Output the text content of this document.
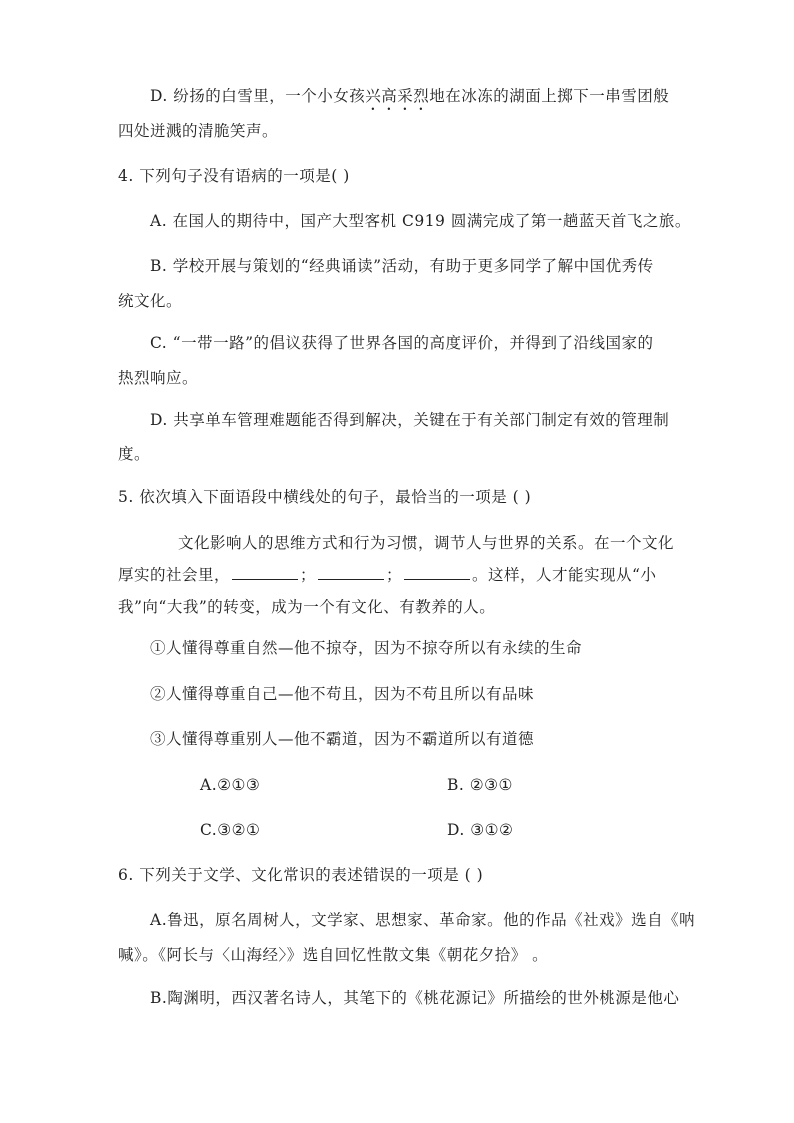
D. 纷扬的白雪里，一个小女孩兴高采烈地在冰冻的湖面上掷下一串雪团般
四处迸溅的清脆笑声。
4. 下列句子没有语病的一项是( )
A. 在国人的期待中，国产大型客机 C919 圆满完成了第一趟蓝天首飞之旅。
B. 学校开展与策划的“经典诵读”活动，有助于更多同学了解中国优秀传
统文化。
C. “一带一路”的倡议获得了世界各国的高度评价，并得到了沿线国家的
热烈响应。
D. 共享单车管理难题能否得到解决，关键在于有关部门制定有效的管理制
度。
5. 依次填入下面语段中横线处的句子，最恰当的一项是 ( )
文化影响人的思维方式和行为习惯，调节人与世界的关系。在一个文化
厚实的社会里，	；	；	。这样，人才能实现从“小
我”向“大我”的转变，成为一个有文化、有教养的人。
①人懂得尊重自然—他不掠夺，因为不掠夺所以有永续的生命
②人懂得尊重自己—他不苟且，因为不苟且所以有品味
③人懂得尊重别人—他不霸道，因为不霸道所以有道德
A.②①③	B. ②③①
C.③②①	D. ③①②
6. 下列关于文学、文化常识的表述错误的一项是 ( )
A.鲁迅，原名周树人，文学家、思想家、革命家。他的作品《社戏》选自《呐
喊》。《阿长与〈山海经〉》选自回忆性散文集《朝花夕拾》 。
B.陶渊明，西汉著名诗人，其笔下的《桃花源记》所描绘的世外桃源是他心
